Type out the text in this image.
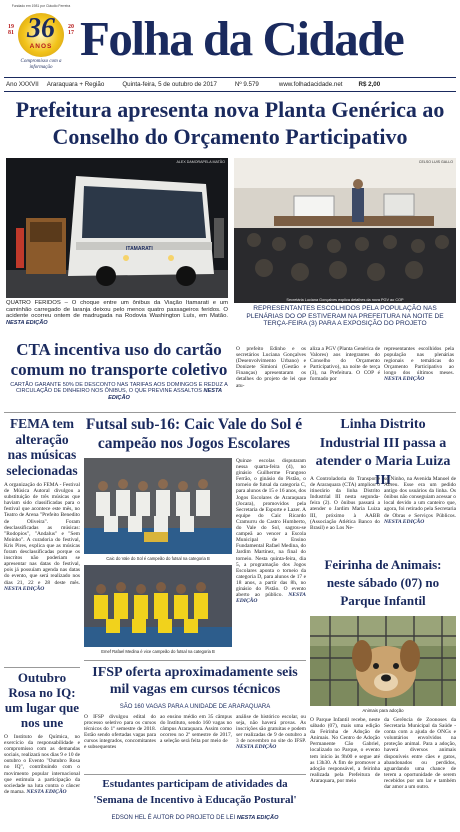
Fundado em 1981 por Cláudio Ferreira
36
ANOS
1981
2017
Compromisso com a informação
Folha da Cidade
Ano XXXVII Araraquara + Região	Quinta-feira, 5 de outubro de 2017	Nº 9.579	www.folhadacidade.net	R$ 2,00
Prefeitura apresenta nova Planta Genérica ao Conselho do Orçamento Participativo
ALEX DAMORAPELA MATÃO
ITAMARATI
QUATRO FERIDOS – O choque entre um ônibus da Viação Itamarati e um caminhão carregado de laranja deixou pelo menos quatro passageiros feridos. O acidente ocorreu ontem de madrugada na Rodovia Washington Luís, em Matão. NESTA EDIÇÃO
CELSO LUIS GALLO
Secretária Luciana Gonçalves explica detalhes da nova PGV ao COP
REPRESENTANTES ESCOLHIDOS PELA POPULAÇÃO NAS PLENÁRIAS DO OP ESTIVERAM NA PREFEITURA NA NOITE DE TERÇA-FEIRA (3) PARA A EXPOSIÇÃO DO PROJETO
CTA incentiva uso do cartão comum no transporte coletivo
CARTÃO GARANTE 50% DE DESCONTO NAS TARIFAS AOS DOMINGOS E REDUZ A CIRCULAÇÃO DE DINHEIRO NOS ÔNIBUS, O QUE PREVINE ASSALTOS NESTA EDIÇÃO
O prefeito Edinho e os secretários Luciana Gonçalves (Desenvolvimento Urbano) e Donizete Simioni (Gestão e Finanças) apresentaram os detalhes do projeto de lei que atu-
aliza a PGV (Planta Genérica de Valores) aos integrantes do Conselho do Orçamento Participativo), na noite de terça (3), na Prefeitura. O COP é formado por
representantes escolhidos pela população nas plenárias regionais e temáticas do Orçamento Participativo ao longo dos últimos meses. NESTA EDIÇÃO
FEMA tem alteração nas músicas selecionadas
A organização do FEMA - Festival de Música Autoral divulgou a substituição de três músicas que haviam sido classificadas para o festival que acontece este mês, no Teatro de Arena "Prefeito Benedito de Oliveira". Foram desclassificadas as músicas: "Rodopios", "Andalus" e "Sem Moinho". A curadoria do festival, Kris Pires, explica que as músicas foram desclassificadas porque os inscritos não poderiam se apresentar nas datas do festival, pois já possuíam agenda nas datas do evento, que será realizado nos dias 21, 22 e 28 deste mês. NESTA EDIÇÃO
Outubro Rosa no IQ: um lugar que nos une
O Instituto de Química, no exercício da responsabilidade e compromisso com as demandas sociais, realizará nos dias 9 e 10 de outubro o Evento "Outubro Rosa no IQ", contribuindo com o movimento popular internacional que estimula a participação da sociedade na luta contra o câncer de mama. NESTA EDIÇÃO
Futsal sub-16: Caic Vale do Sol é campeão nos Jogos Escolares
Caic do Vale do Sol é campeão do futsal na categoria B
Emef Rafael Medina é vice campeão do futsal na categoria B
Quinze escolas disputaram nessa quarta-feira (4), no ginásio Guilherme Frangoso Ferrão, o ginásio do Pistão, o torneio de futsal da categoria C, para alunos de 15 e 16 anos, dos Jogos Escolares de Araraquara (Jocara), promovidos pela Secretaria de Esporte e Lazer. A equipe do Caic Ricardo Cramurru do Castro Humberto, do Vale do Sol, sagrou-se campeã ao vencer a Escola Municipal de Ensino Fundamental Rafael Medina, do Jardim Martinez, na final do torneio. Nesta quinta-feira, dia 5, a programação dos Jogos Escolares aponta o torneio da categoria D, para alunos de 17 e 18 anos, a partir das 8h, no ginásio do Pistão. O evento aberto ao público. NESTA EDIÇÃO
Linha Distrito Industrial III passa a atender o Maria Luiza III
A Controladoria do Transporte de Araraquara (CTA) ampliou o itinerário da linha Distrito Industrial III nesta segunda-feira (2). O ônibus passará a atender o Jardim Maria Luiza III, próximo à AABB (Associação Atlética Banco do Brasil) e ao Los Ne-
so Ninho, na Avenida Manoel de Abreu. Esse era um pedido antigo dos usuários da linha. Os ônibus não conseguiam acessar o local devido a um canteiro que, agora, foi retirado pela Secretaria de Obras e Serviços Públicos. NESTA EDIÇÃO
Feirinha de Animais: neste sábado (07) no Parque Infantil
Animais para adoção
O Parque Infantil recebe, neste sábado (07), mais uma edição da Feirinha de Adoção de Animais. No Centro de Adoção Permanente Cão Gabriel, localizado no Parque, o evento tem início às 9h00 e segue até as 13h30. A fim de promover a adoção responsável, a feirinha realizada pela Prefeitura de Araraquara, por meio
da Gerência de Zoonoses da Secretaria Municipal da Saúde - conta com a ajuda de ONGs e voluntários envolvidos na proteção animal. Para a adoção, haverá diversos animais disponíveis entre cães e gatos, abandonados ou perdidos, aguardando uma chance de terem a oportunidade de serem recebidos por um lar e também dar amor a um outro.
IFSP oferta aproximadamente seis mil vagas em cursos técnicos
SÃO 160 VAGAS PARA A UNIDADE DE ARARAQUARA
O IFSP divulgou edital do processo seletivo para os cursos técnicos do 1º semestre de 2018. Estão sendo ofertadas vagas para cursos integrados, concomitantes e subsequentes
ao ensino médio em 35 câmpus do Instituto, sendo 160 vagas no câmpus Araraquara. Assim como ocorreu no 2º semestre de 2017, a seleção será feita por meio de
análise de histórico escolar, ou seja, não haverá provas. As inscrições são gratuitas e podem ser realizadas de 9 de outubro a 3 de novembro no site do IFSP. NESTA EDIÇÃO
Estudantes participam de atividades da 'Semana de Incentivo à Educação Postural'
EDSON HEL É AUTOR DO PROJETO DE LEI NESTA EDIÇÃO
